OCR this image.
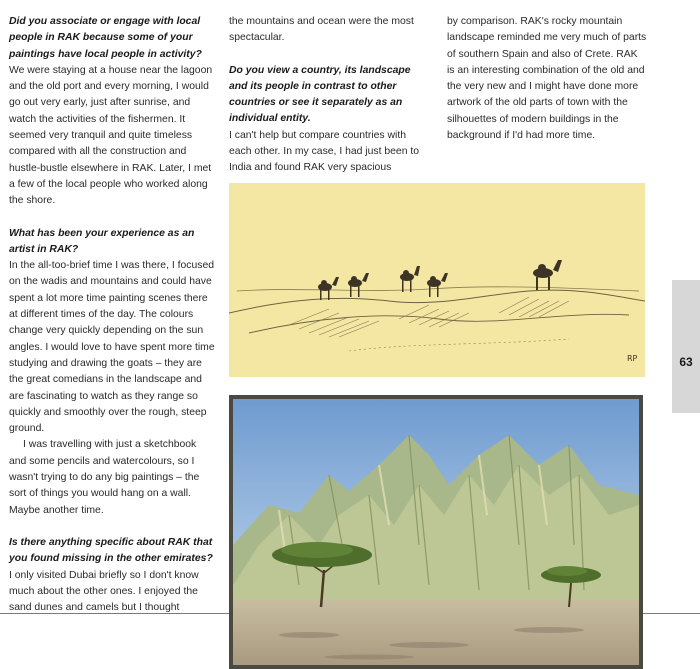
Did you associate or engage with local people in RAK because some of your paintings have local people in activity?

We were staying at a house near the lagoon and the old port and every morning, I would go out very early, just after sunrise, and watch the activities of the fishermen. It seemed very tranquil and quite timeless compared with all the construction and hustle-bustle elsewhere in RAK. Later, I met a few of the local people who worked along the shore.

What has been your experience as an artist in RAK?

In the all-too-brief time I was there, I focused on the wadis and mountains and could have spent a lot more time painting scenes there at different times of the day. The colours change very quickly depending on the sun angles. I would love to have spent more time studying and drawing the goats – they are the great comedians in the landscape and are fascinating to watch as they range so quickly and smoothly over the rough, steep ground.

I was travelling with just a sketchbook and some pencils and watercolours, so I wasn't trying to do any big paintings – the sort of things you would hang on a wall. Maybe another time.

Is there anything specific about RAK that you found missing in the other emirates?

I only visited Dubai briefly so I don't know much about the other ones. I enjoyed the sand dunes and camels but I thought

the mountains and ocean were the most spectacular.

Do you view a country, its landscape and its people in contrast to other countries or see it separately as an individual entity.

I can't help but compare countries with each other. In my case, I had just been to India and found RAK very spacious

by comparison. RAK's rocky mountain landscape reminded me very much of parts of southern Spain and also of Crete. RAK is an interesting combination of the old and the very new and I might have done more artwork of the old parts of town with the silhouettes of modern buildings in the background if I'd had more time.

RP	63
